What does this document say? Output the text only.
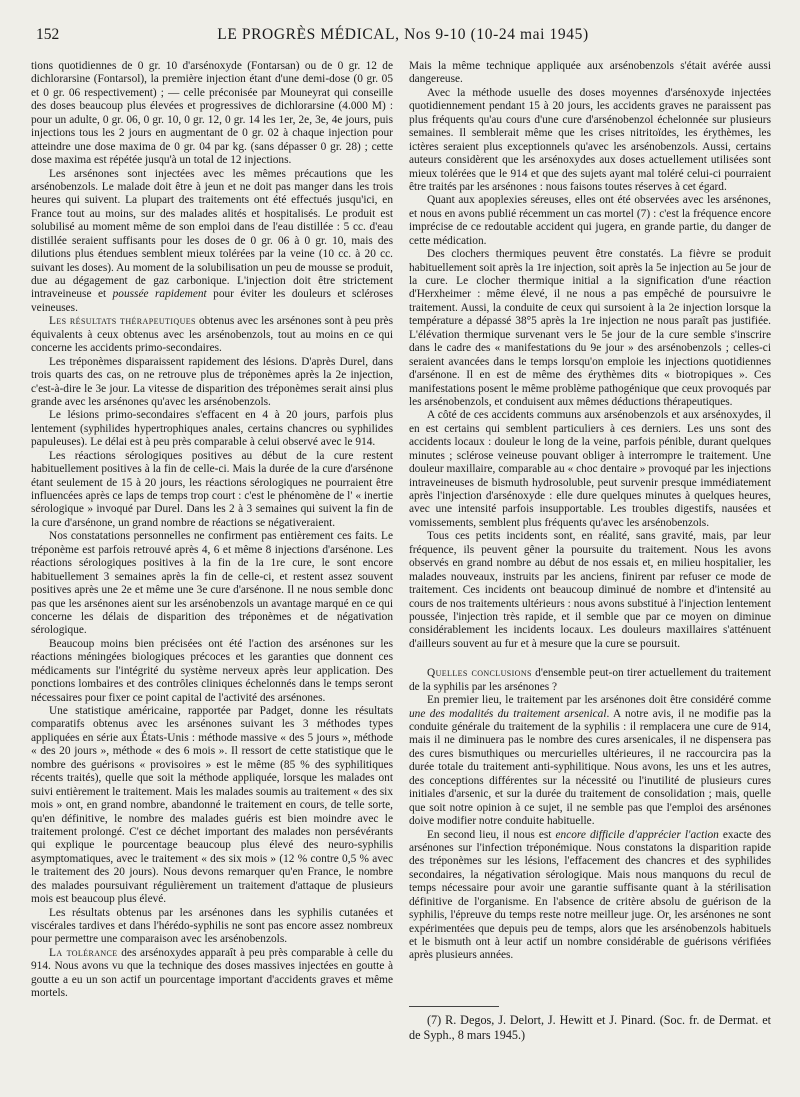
152	LE PROGRÈS MÉDICAL, Nos 9-10 (10-24 mai 1945)

tions quotidiennes de 0 gr. 10 d'arsénoxyde (Fontarsan) ou de 0 gr. 12 de dichlorarsine (Fontarsol), la première injection étant d'une demi-dose (0 gr. 05 et 0 gr. 06 respectivement) ; — celle préconisée par Mouneyrat qui conseille des doses beaucoup plus élevées et progressives de dichlorarsine (4.000 M) : pour un adulte, 0 gr. 06, 0 gr. 10, 0 gr. 12, 0 gr. 14 les 1er, 2e, 3e, 4e jours, puis injections tous les 2 jours en augmentant de 0 gr. 02 à chaque injection pour atteindre une dose maxima de 0 gr. 04 par kg. (sans dépasser 0 gr. 28) ; cette dose maxima est répétée jusqu'à un total de 12 injections.

Les arsénones sont injectées avec les mêmes précautions que les arsénobenzols. Le malade doit être à jeun et ne doit pas manger dans les trois heures qui suivent. La plupart des traitements ont été effectués jusqu'ici, en France tout au moins, sur des malades alités et hospitalisés. Le produit est solubilisé au moment même de son emploi dans de l'eau distillée : 5 cc. d'eau distillée seraient suffisants pour les doses de 0 gr. 06 à 0 gr. 10, mais des dilutions plus étendues semblent mieux tolérées par la veine (10 cc. à 20 cc. suivant les doses). Au moment de la solubilisation un peu de mousse se produit, due au dégagement de gaz carbonique. L'injection doit être strictement intraveineuse et poussée rapidement pour éviter les douleurs et scléroses veineuses.

Les résultats thérapeutiques obtenus avec les arsénones sont à peu près équivalents à ceux obtenus avec les arsénobenzols, tout au moins en ce qui concerne les accidents primo-secondaires.

Les tréponèmes disparaissent rapidement des lésions. D'après Durel, dans trois quarts des cas, on ne retrouve plus de tréponèmes après la 2e injection, c'est-à-dire le 3e jour. La vitesse de disparition des tréponèmes serait ainsi plus grande avec les arsénones qu'avec les arsénobenzols.

Le lésions primo-secondaires s'effacent en 4 à 20 jours, parfois plus lentement (syphilides hypertrophiques anales, certains chancres ou syphilides papuleuses). Le délai est à peu près comparable à celui observé avec le 914.

Les réactions sérologiques positives au début de la cure restent habituellement positives à la fin de celle-ci. Mais la durée de la cure d'arsénone étant seulement de 15 à 20 jours, les réactions sérologiques ne pourraient être influencées après ce laps de temps trop court : c'est le phénomène de l' « inertie sérologique » invoqué par Durel. Dans les 2 à 3 semaines qui suivent la fin de la cure d'arsénone, un grand nombre de réactions se négativeraient.

Nos constatations personnelles ne confirment pas entièrement ces faits. Le tréponème est parfois retrouvé après 4, 6 et même 8 injections d'arsénone. Les réactions sérologiques positives à la fin de la 1re cure, le sont encore habituellement 3 semaines après la fin de celle-ci, et restent assez souvent positives après une 2e et même une 3e cure d'arsénone. Il ne nous semble donc pas que les arsénones aient sur les arsénobenzols un avantage marqué en ce qui concerne les délais de disparition des tréponèmes et de négativation sérologique.

Beaucoup moins bien précisées ont été l'action des arsénones sur les réactions méningées biologiques précoces et les garanties que donnent ces médicaments sur l'intégrité du système nerveux après leur application. Des ponctions lombaires et des contrôles cliniques échelonnés dans le temps seront nécessaires pour fixer ce point capital de l'activité des arsénones.

Une statistique américaine, rapportée par Padget, donne les résultats comparatifs obtenus avec les arsénones suivant les 3 méthodes types appliquées en série aux États-Unis : méthode massive « des 5 jours », méthode « des 20 jours », méthode « des 6 mois ». Il ressort de cette statistique que le nombre des guérisons « provisoires » est le même (85 % des syphilitiques récents traités), quelle que soit la méthode appliquée, lorsque les malades ont suivi entièrement le traitement. Mais les malades soumis au traitement « des six mois » ont, en grand nombre, abandonné le traitement en cours, de telle sorte, qu'en définitive, le nombre des malades guéris est bien moindre avec le traitement prolongé. C'est ce déchet important des malades non persévérants qui explique le pourcentage beaucoup plus élevé des neuro-syphilis asymptomatiques, avec le traitement « des six mois » (12 % contre 0,5 % avec le traitement des 20 jours). Nous devons remarquer qu'en France, le nombre des malades poursuivant régulièrement un traitement d'attaque de plusieurs mois est beaucoup plus élevé.

Les résultats obtenus par les arsénones dans les syphilis cutanées et viscérales tardives et dans l'hérédo-syphilis ne sont pas encore assez nombreux pour permettre une comparaison avec les arsénobenzols.

La tolérance des arsénoxydes apparaît à peu près comparable à celle du 914. Nous avons vu que la technique des doses massives injectées en goutte à goutte a eu un son actif un pourcentage important d'accidents graves et même mortels.

Mais la même technique appliquée aux arsénobenzols s'était avérée aussi dangereuse.

Avec la méthode usuelle des doses moyennes d'arsénoxyde injectées quotidiennement pendant 15 à 20 jours, les accidents graves ne paraissent pas plus fréquents qu'au cours d'une cure d'arsénobenzol échelonnée sur plusieurs semaines. Il semblerait même que les crises nitritoïdes, les érythèmes, les ictères seraient plus exceptionnels qu'avec les arsénobenzols. Aussi, certains auteurs considèrent que les arsénoxydes aux doses actuellement utilisées sont mieux tolérées que le 914 et que des sujets ayant mal toléré celui-ci pourraient être traités par les arsénones : nous faisons toutes réserves à cet égard.

Quant aux apoplexies séreuses, elles ont été observées avec les arsénones, et nous en avons publié récemment un cas mortel (7) : c'est la fréquence encore imprécise de ce redoutable accident qui jugera, en grande partie, du danger de cette médication.

Des clochers thermiques peuvent être constatés. La fièvre se produit habituellement soit après la 1re injection, soit après la 5e injection au 5e jour de la cure. Le clocher thermique initial a la signification d'une réaction d'Herxheimer : même élevé, il ne nous a pas empêché de poursuivre le traitement. Aussi, la conduite de ceux qui sursoient à la 2e injection lorsque la température a dépassé 38°5 après la 1re injection ne nous paraît pas justifiée. L'élévation thermique survenant vers le 5e jour de la cure semble s'inscrire dans le cadre des « manifestations du 9e jour » des arsénobenzols ; celles-ci seraient avancées dans le temps lorsqu'on emploie les injections quotidiennes d'arsénone. Il en est de même des érythèmes dits « biotropiques ». Ces manifestations posent le même problème pathogénique que ceux provoqués par les arsénobenzols, et conduisent aux mêmes déductions thérapeutiques.

A côté de ces accidents communs aux arsénobenzols et aux arsénoxydes, il en est certains qui semblent particuliers à ces derniers. Les uns sont des accidents locaux : douleur le long de la veine, parfois pénible, durant quelques minutes ; sclérose veineuse pouvant obliger à interrompre le traitement. Une douleur maxillaire, comparable au « choc dentaire » provoqué par les injections intraveineuses de bismuth hydrosoluble, peut survenir presque immédiatement après l'injection d'arsénoxyde : elle dure quelques minutes à quelques heures, avec une intensité parfois insupportable. Les troubles digestifs, nausées et vomissements, semblent plus fréquents qu'avec les arsénobenzols.

Tous ces petits incidents sont, en réalité, sans gravité, mais, par leur fréquence, ils peuvent gêner la poursuite du traitement. Nous les avons observés en grand nombre au début de nos essais et, en milieu hospitalier, les malades nouveaux, instruits par les anciens, finirent par refuser ce mode de traitement. Ces incidents ont beaucoup diminué de nombre et d'intensité au cours de nos traitements ultérieurs : nous avons substitué à l'injection lentement poussée, l'injection très rapide, et il semble que par ce moyen on diminue considérablement les incidents locaux. Les douleurs maxillaires s'atténuent d'ailleurs souvent au fur et à mesure que la cure se poursuit.

Quelles conclusions d'ensemble peut-on tirer actuellement du traitement de la syphilis par les arsénones ?

En premier lieu, le traitement par les arsénones doit être considéré comme une des modalités du traitement arsenical. A notre avis, il ne modifie pas la conduite générale du traitement de la syphilis : il remplacera une cure de 914, mais il ne diminuera pas le nombre des cures arsenicales, il ne dispensera pas des cures bismuthiques ou mercurielles ultérieures, il ne raccourcira pas la durée totale du traitement anti-syphilitique. Nous avons, les uns et les autres, des conceptions différentes sur la nécessité ou l'inutilité de plusieurs cures initiales d'arsenic, et sur la durée du traitement de consolidation ; mais, quelle que soit notre opinion à ce sujet, il ne semble pas que l'emploi des arsénones doive modifier notre conduite habituelle.

En second lieu, il nous est encore difficile d'apprécier l'action exacte des arsénones sur l'infection tréponémique. Nous constatons la disparition rapide des tréponèmes sur les lésions, l'effacement des chancres et des syphilides secondaires, la négativation sérologique. Mais nous manquons du recul de temps nécessaire pour avoir une garantie suffisante quant à la stérilisation définitive de l'organisme. En l'absence de critère absolu de guérison de la syphilis, l'épreuve du temps reste notre meilleur juge. Or, les arsénones ne sont expérimentées que depuis peu de temps, alors que les arsénobenzols habituels et le bismuth ont à leur actif un nombre considérable de guérisons vérifiées après plusieurs années.

(7) R. Degos, J. Delort, J. Hewitt et J. Pinard. (Soc. fr. de Dermat. et de Syph., 8 mars 1945.)
